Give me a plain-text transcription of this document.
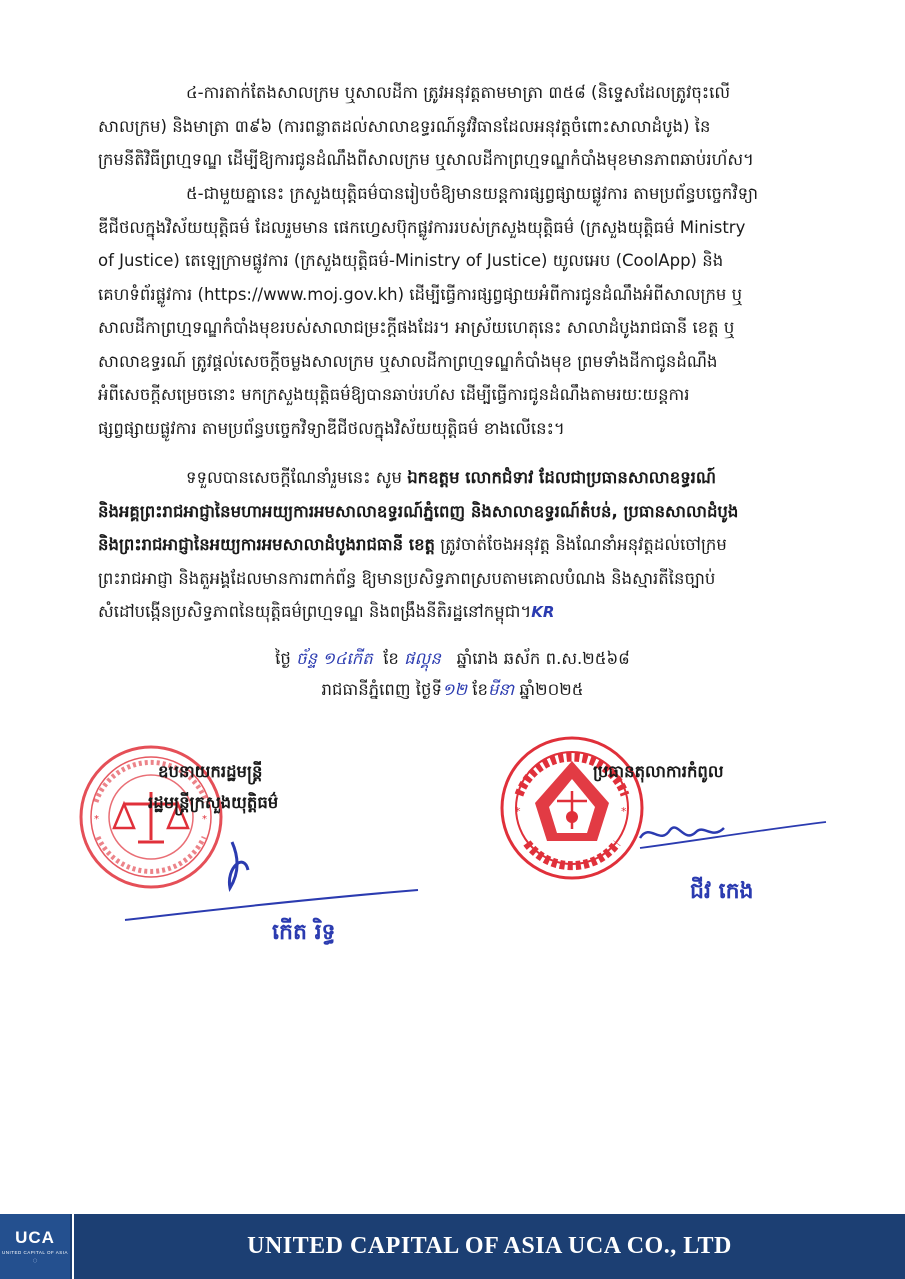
៤-ការតាក់តែងសាលក្រម ឬសាលដីកា ត្រូវអនុវត្តតាមមាត្រា ៣៥៨ (និទ្ទេសដែលត្រូវចុះលើ
សាលក្រម) និងមាត្រា ៣៩៦ (ការពន្លាតដល់សាលាឧទ្ធរណ៍នូវវិធានដែលអនុវត្តចំពោះសាលាដំបូង) នៃ
ក្រមនីតិវិធីព្រហ្មទណ្ឌ ដើម្បីឱ្យការជូនដំណឹងពីសាលក្រម ឬសាលដីកាព្រហ្មទណ្ឌកំបាំងមុខមានភាពឆាប់រហ័ស។
៥-ជាមួយគ្នានេះ ក្រសួងយុត្តិធម៌បានរៀបចំឱ្យមានយន្តការផ្សព្វផ្សាយផ្លូវការ តាមប្រព័ន្ធបច្ចេកវិទ្យា
ឌីជីថលក្នុងវិស័យយុត្តិធម៌ ដែលរួមមាន ផេកហ្វេសប៊ុកផ្លូវការរបស់ក្រសួងយុត្តិធម៌ (ក្រសួងយុត្តិធម៌ Ministry
of Justice) តេឡេក្រាមផ្លូវការ (ក្រសួងយុត្តិធម៌-Ministry of Justice) យូលអេប (CoolApp) និង
គេហទំព័រផ្លូវការ (https://www.moj.gov.kh) ដើម្បីធ្វើការផ្សព្វផ្សាយអំពីការជូនដំណឹងអំពីសាលក្រម ឬ
សាលដីកាព្រហ្មទណ្ឌកំបាំងមុខរបស់សាលាជម្រះក្តីផងដែរ។ អាស្រ័យហេតុនេះ សាលាដំបូងរាជធានី ខេត្ត ឬ
សាលាឧទ្ធរណ៍ ត្រូវផ្តល់សេចក្តីចម្លងសាលក្រម ឬសាលដីកាព្រហ្មទណ្ឌកំបាំងមុខ ព្រមទាំងដីកាជូនដំណឹង
អំពីសេចក្តីសម្រេចនោះ មកក្រសួងយុត្តិធម៌ឱ្យបានឆាប់រហ័ស ដើម្បីធ្វើការជូនដំណឹងតាមរយៈយន្តការ
ផ្សព្វផ្សាយផ្លូវការ តាមប្រព័ន្ធបច្ចេកវិទ្យាឌីជីថលក្នុងវិស័យយុត្តិធម៌ ខាងលើនេះ។
ទទួលបានសេចក្តីណែនាំរួមនេះ សូម ឯកឧត្តម លោកជំទាវ ដែលជាប្រធានសាលាឧទ្ធរណ៍
និងអគ្គព្រះរាជអាជ្ញានៃមហាអយ្យការអមសាលាឧទ្ធរណ៍ភ្នំពេញ និងសាលាឧទ្ធរណ៍តំបន់, ប្រធានសាលាដំបូង
និងព្រះរាជអាជ្ញានៃអយ្យការអមសាលាដំបូងរាជធានី ខេត្ត ត្រូវចាត់ចែងអនុវត្ត និងណែនាំអនុវត្តដល់ចៅក្រម
ព្រះរាជអាជ្ញា និងតួអង្គដែលមានការពាក់ព័ន្ធ ឱ្យមានប្រសិទ្ធភាពស្របតាមគោលបំណង និងស្មារតីនៃច្បាប់
សំដៅបង្កើនប្រសិទ្ធភាពនៃយុត្តិធម៌ព្រហ្មទណ្ឌ និងពង្រឹងនីតិរដ្ឋនៅកម្ពុជា។KR
ថ្ងៃ ច័ន្ទ ១៤កើត ខែ ផល្គុន ឆ្នាំរោង ឆស័ក ព.ស.២៥៦៨
រាជធានីភ្នំពេញ ថ្ងៃទី១២ ខែមីនា ឆ្នាំ២០២៥
*	*
ឧបនាយករដ្ឋមន្ត្រី
រដ្ឋមន្ត្រីក្រសួងយុត្តិធម៌
កើត រិទ្ធ
*	*
ប្រធានតុលាការកំពូល
ជីវ កេង
UCA
UNITED CAPITAL OF ASIA
◌
UNITED CAPITAL OF ASIA UCA CO., LTD
